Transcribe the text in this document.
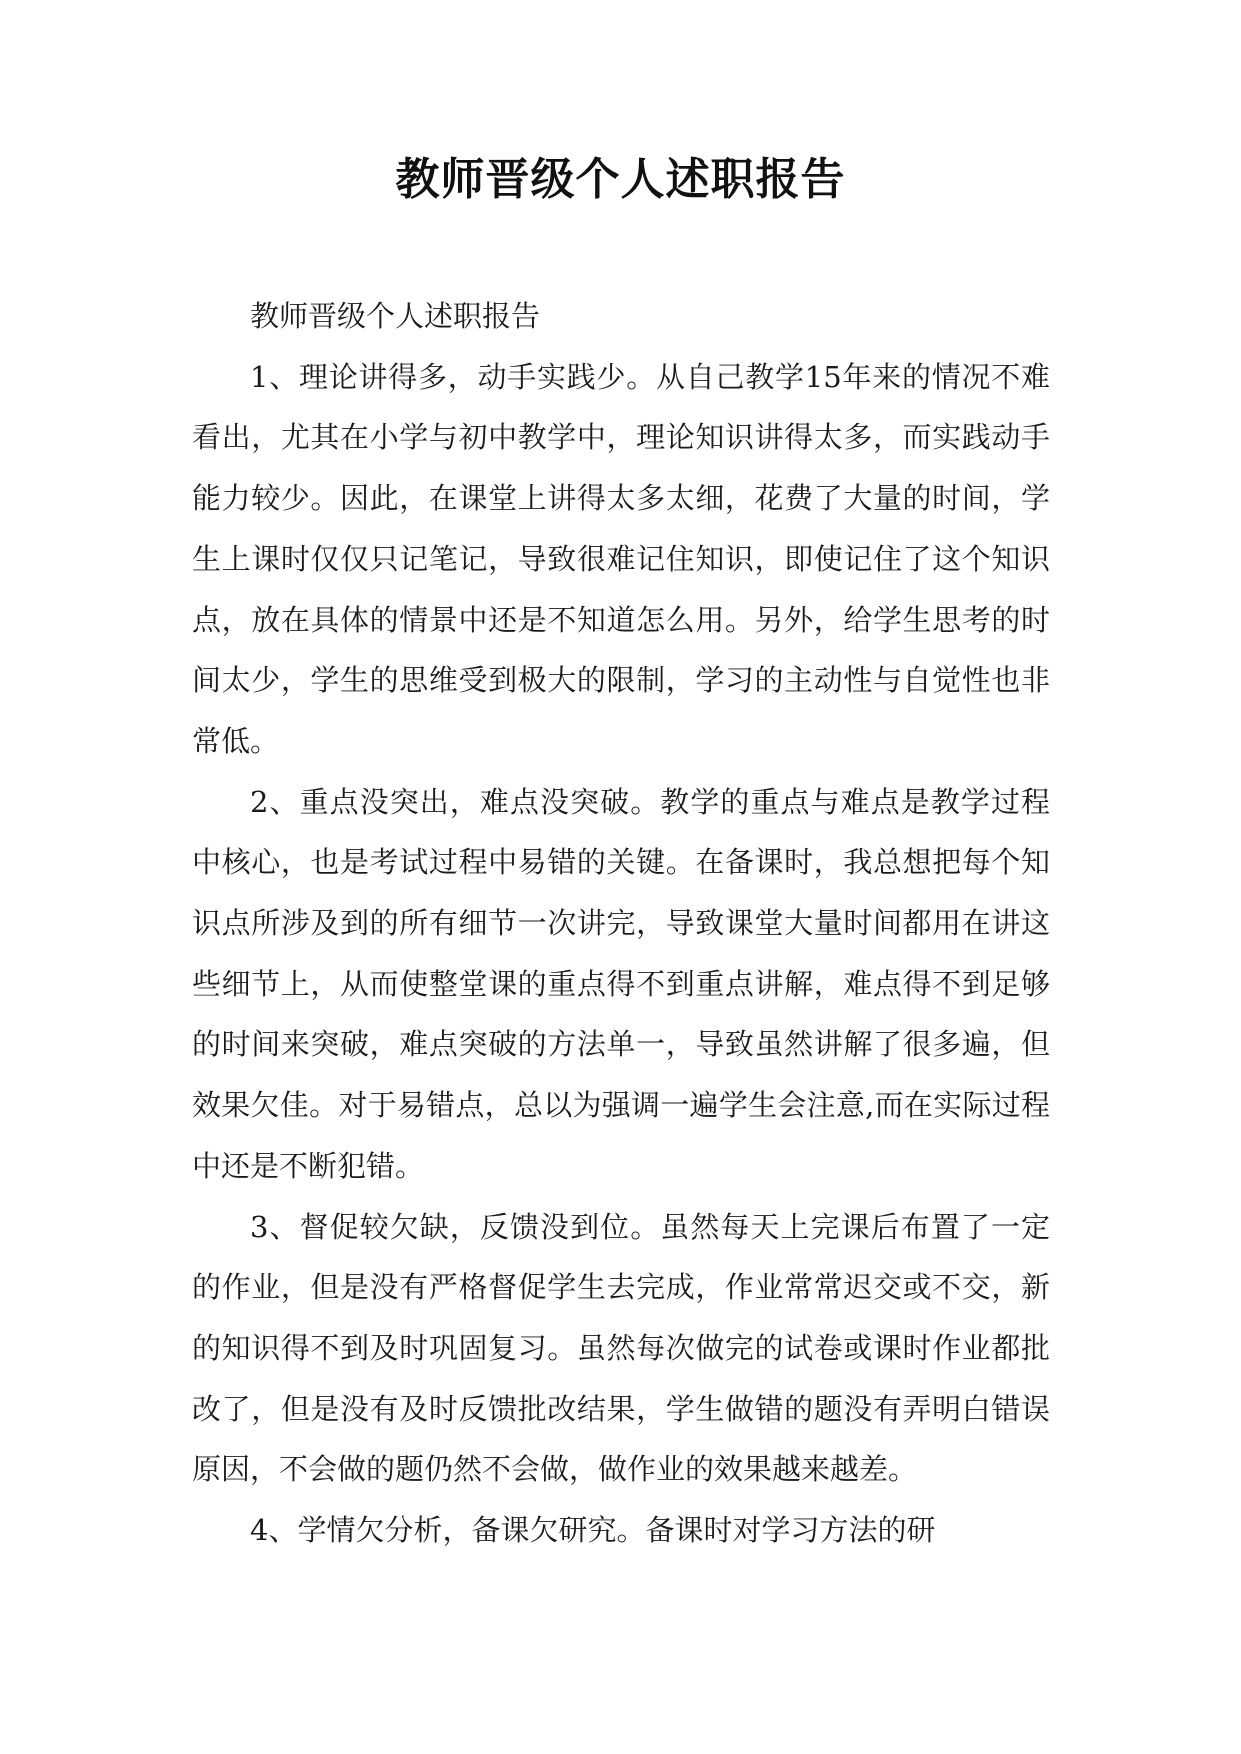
教师晋级个人述职报告

教师晋级个人述职报告

1、理论讲得多，动手实践少。从自己教学15年来的情况不难看出，尤其在小学与初中教学中，理论知识讲得太多，而实践动手能力较少。因此，在课堂上讲得太多太细，花费了大量的时间，学生上课时仅仅只记笔记，导致很难记住知识，即使记住了这个知识点，放在具体的情景中还是不知道怎么用。另外，给学生思考的时间太少，学生的思维受到极大的限制，学习的主动性与自觉性也非常低。

2、重点没突出，难点没突破。教学的重点与难点是教学过程中核心，也是考试过程中易错的关键。在备课时，我总想把每个知识点所涉及到的所有细节一次讲完，导致课堂大量时间都用在讲这些细节上，从而使整堂课的重点得不到重点讲解，难点得不到足够的时间来突破，难点突破的方法单一，导致虽然讲解了很多遍，但效果欠佳。对于易错点，总以为强调一遍学生会注意,而在实际过程中还是不断犯错。

3、督促较欠缺，反馈没到位。虽然每天上完课后布置了一定的作业，但是没有严格督促学生去完成，作业常常迟交或不交，新的知识得不到及时巩固复习。虽然每次做完的试卷或课时作业都批改了，但是没有及时反馈批改结果，学生做错的题没有弄明白错误原因，不会做的题仍然不会做，做作业的效果越来越差。

4、学情欠分析，备课欠研究。备课时对学习方法的研
